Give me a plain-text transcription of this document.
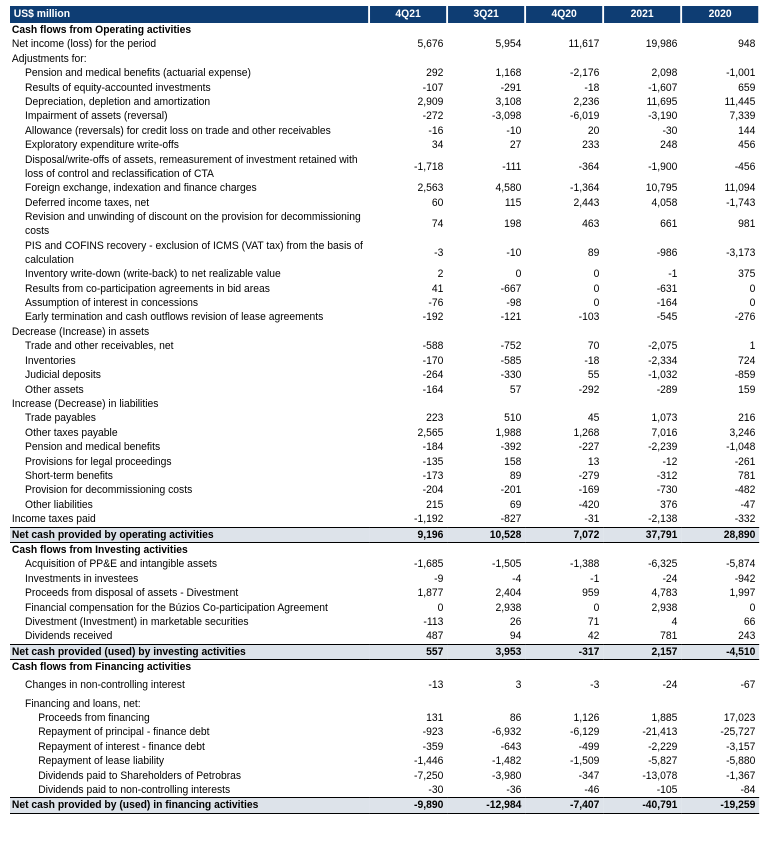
US$ million	4Q21	3Q21	4Q20	2021	2020
Cash flows from Operating activities					
Net income (loss) for the period	5,676	5,954	11,617	19,986	948
Adjustments for:					
Pension and medical benefits (actuarial expense)	292	1,168	-2,176	2,098	-1,001
Results of equity-accounted investments	-107	-291	-18	-1,607	659
Depreciation, depletion and amortization	2,909	3,108	2,236	11,695	11,445
Impairment of assets (reversal)	-272	-3,098	-6,019	-3,190	7,339
Allowance (reversals) for credit loss on trade and other receivables	-16	-10	20	-30	144
Exploratory expenditure write-offs	34	27	233	248	456
Disposal/write-offs of assets, remeasurement of investment retained with loss of control and reclassification of CTA	-1,718	-111	-364	-1,900	-456
Foreign exchange, indexation and finance charges	2,563	4,580	-1,364	10,795	11,094
Deferred income taxes, net	60	115	2,443	4,058	-1,743
Revision and unwinding of discount on the provision for decommissioning costs	74	198	463	661	981
PIS and COFINS recovery - exclusion of ICMS (VAT tax) from the basis of calculation	-3	-10	89	-986	-3,173
Inventory write-down (write-back) to net realizable value	2	0	0	-1	375
Results from co-participation agreements in bid areas	41	-667	0	-631	0
Assumption of interest in concessions	-76	-98	0	-164	0
Early termination and cash outflows revision of lease agreements	-192	-121	-103	-545	-276
Decrease (Increase) in assets					
Trade and other receivables, net	-588	-752	70	-2,075	1
Inventories	-170	-585	-18	-2,334	724
Judicial deposits	-264	-330	55	-1,032	-859
Other assets	-164	57	-292	-289	159
Increase (Decrease) in liabilities					
Trade payables	223	510	45	1,073	216
Other taxes payable	2,565	1,988	1,268	7,016	3,246
Pension and medical benefits	-184	-392	-227	-2,239	-1,048
Provisions for legal proceedings	-135	158	13	-12	-261
Short-term benefits	-173	89	-279	-312	781
Provision for decommissioning costs	-204	-201	-169	-730	-482
Other liabilities	215	69	-420	376	-47
Income taxes paid	-1,192	-827	-31	-2,138	-332
Net cash provided by operating activities	9,196	10,528	7,072	37,791	28,890
Cash flows from Investing activities					
Acquisition of PP&E and intangible assets	-1,685	-1,505	-1,388	-6,325	-5,874
Investments in investees	-9	-4	-1	-24	-942
Proceeds from disposal of assets - Divestment	1,877	2,404	959	4,783	1,997
Financial compensation for the Búzios Co-participation Agreement	0	2,938	0	2,938	0
Divestment (Investment) in marketable securities	-113	26	71	4	66
Dividends received	487	94	42	781	243
Net cash provided (used) by investing activities	557	3,953	-317	2,157	-4,510
Cash flows from Financing activities					
Changes in non-controlling interest	-13	3	-3	-24	-67
Financing and loans, net:					
Proceeds from financing	131	86	1,126	1,885	17,023
Repayment of principal - finance debt	-923	-6,932	-6,129	-21,413	-25,727
Repayment of interest - finance debt	-359	-643	-499	-2,229	-3,157
Repayment of lease liability	-1,446	-1,482	-1,509	-5,827	-5,880
Dividends paid to Shareholders of Petrobras	-7,250	-3,980	-347	-13,078	-1,367
Dividends paid to non-controlling interests	-30	-36	-46	-105	-84
Net cash provided by (used) in financing activities	-9,890	-12,984	-7,407	-40,791	-19,259
